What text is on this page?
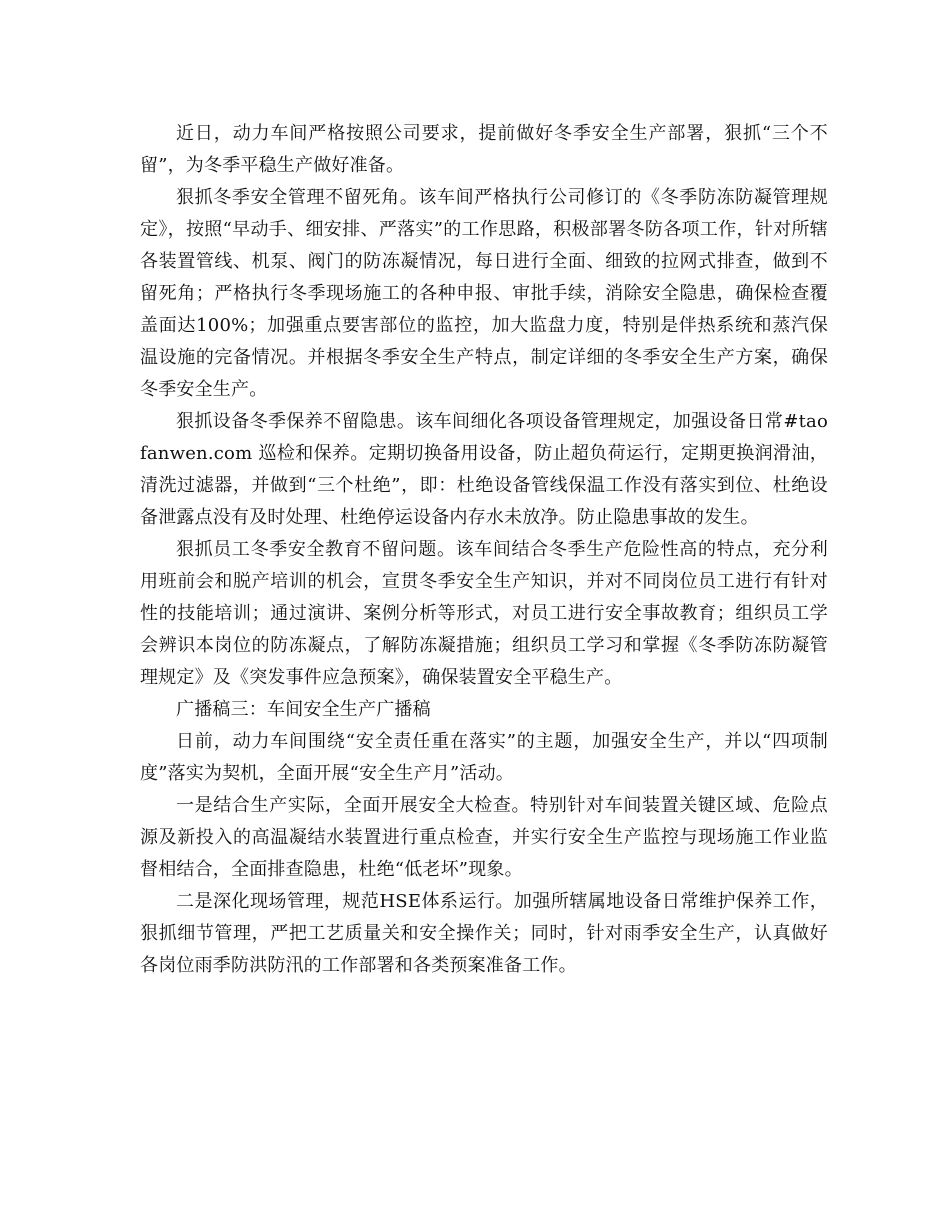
近日，动力车间严格按照公司要求，提前做好冬季安全生产部署，狠抓“三个不留”，为冬季平稳生产做好准备。

狠抓冬季安全管理不留死角。该车间严格执行公司修订的《冬季防冻防凝管理规定》，按照“早动手、细安排、严落实”的工作思路，积极部署冬防各项工作，针对所辖各装置管线、机泵、阀门的防冻凝情况，每日进行全面、细致的拉网式排查，做到不留死角；严格执行冬季现场施工的各种申报、审批手续，消除安全隐患，确保检查覆盖面达100%；加强重点要害部位的监控，加大监盘力度，特别是伴热系统和蒸汽保温设施的完备情况。并根据冬季安全生产特点，制定详细的冬季安全生产方案，确保冬季安全生产。

狠抓设备冬季保养不留隐患。该车间细化各项设备管理规定，加强设备日常#taofanwen.com 巡检和保养。定期切换备用设备，防止超负荷运行，定期更换润滑油，清洗过滤器，并做到“三个杜绝”，即：杜绝设备管线保温工作没有落实到位、杜绝设备泄露点没有及时处理、杜绝停运设备内存水未放净。防止隐患事故的发生。

狠抓员工冬季安全教育不留问题。该车间结合冬季生产危险性高的特点，充分利用班前会和脱产培训的机会，宣贯冬季安全生产知识，并对不同岗位员工进行有针对性的技能培训；通过演讲、案例分析等形式，对员工进行安全事故教育；组织员工学会辨识本岗位的防冻凝点，了解防冻凝措施；组织员工学习和掌握《冬季防冻防凝管理规定》及《突发事件应急预案》，确保装置安全平稳生产。

广播稿三：车间安全生产广播稿

日前，动力车间围绕“安全责任重在落实”的主题，加强安全生产，并以“四项制度”落实为契机，全面开展“安全生产月”活动。

一是结合生产实际，全面开展安全大检查。特别针对车间装置关键区域、危险点源及新投入的高温凝结水装置进行重点检查，并实行安全生产监控与现场施工作业监督相结合，全面排查隐患，杜绝“低老坏”现象。

二是深化现场管理，规范HSE体系运行。加强所辖属地设备日常维护保养工作，狠抓细节管理，严把工艺质量关和安全操作关；同时，针对雨季安全生产，认真做好各岗位雨季防洪防汛的工作部署和各类预案准备工作。
